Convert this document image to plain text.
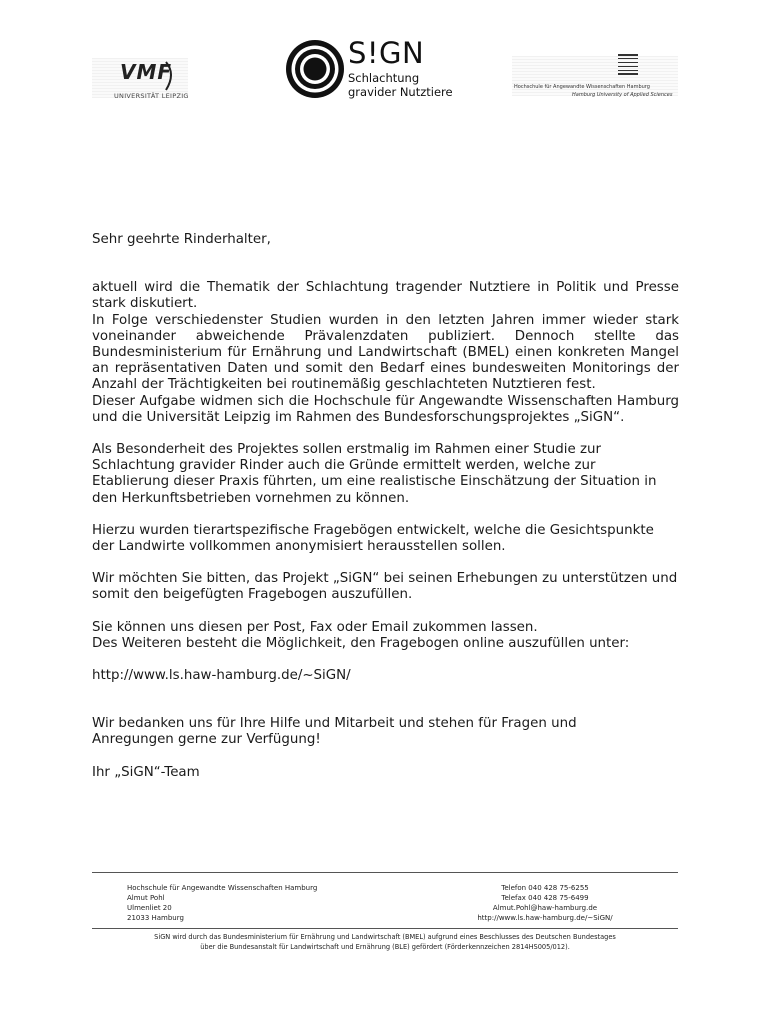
VMF
UNIVERSITÄT LEIPZIG
S!GN
Schlachtung
gravider Nutztiere	Hochschule für Angewandte Wissenschaften Hamburg
Hamburg University of Applied Sciences

Sehr geehrte Rinderhalter,

aktuell wird die Thematik der Schlachtung tragender Nutztiere in Politik und Presse stark diskutiert.

In Folge verschiedenster Studien wurden in den letzten Jahren immer wieder stark voneinander abweichende Prävalenzdaten publiziert. Dennoch stellte das

Bundesministerium für Ernährung und Landwirtschaft (BMEL) einen konkreten Mangel an repräsentativen Daten und somit den Bedarf eines bundesweiten Monitorings der Anzahl der Trächtigkeiten bei routinemäßig geschlachteten Nutztieren fest.

Dieser Aufgabe widmen sich die Hochschule für Angewandte Wissenschaften Hamburg und die Universität Leipzig im Rahmen des Bundesforschungsprojektes „SiGN“.

Als Besonderheit des Projektes sollen erstmalig im Rahmen einer Studie zur Schlachtung gravider Rinder auch die Gründe ermittelt werden, welche zur Etablierung dieser Praxis führten, um eine realistische Einschätzung der Situation in den Herkunftsbetrieben vornehmen zu können.

Hierzu wurden tierartspezifische Fragebögen entwickelt, welche die Gesichtspunkte der Landwirte vollkommen anonymisiert herausstellen sollen.

Wir möchten Sie bitten, das Projekt „SiGN“ bei seinen Erhebungen zu unterstützen und somit den beigefügten Fragebogen auszufüllen.

Sie können uns diesen per Post, Fax oder Email zukommen lassen.

Des Weiteren besteht die Möglichkeit, den Fragebogen online auszufüllen unter:

http://www.ls.haw-hamburg.de/~SiGN/

Wir bedanken uns für Ihre Hilfe und Mitarbeit und stehen für Fragen und Anregungen gerne zur Verfügung!

Ihr „SiGN“-Team

Hochschule für Angewandte Wissenschaften Hamburg
Almut Pohl
Ulmenliet 20
21033 Hamburg
Telefon 040 428 75-6255
Telefax 040 428 75-6499
Almut.Pohl@haw-hamburg.de
http://www.ls.haw-hamburg.de/~SiGN/
SiGN wird durch das Bundesministerium für Ernährung und Landwirtschaft (BMEL) aufgrund eines Beschlusses des Deutschen Bundestages
über die Bundesanstalt für Landwirtschaft und Ernährung (BLE) gefördert (Förderkennzeichen 2814HS005/012).
